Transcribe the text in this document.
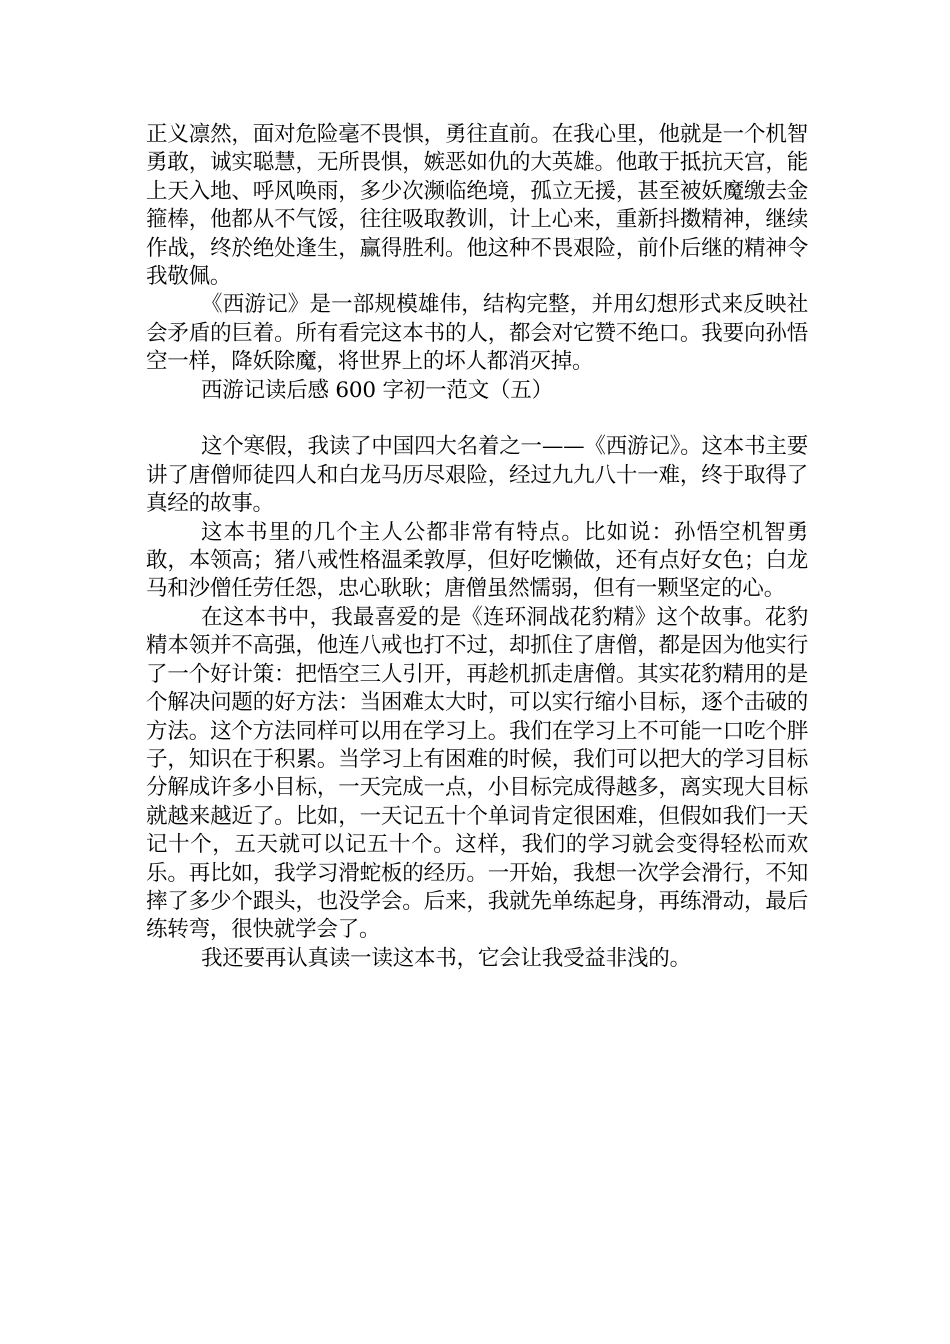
正义凛然，面对危险毫不畏惧，勇往直前。在我心里，他就是一个机智勇敢，诚实聪慧，无所畏惧，嫉恶如仇的大英雄。他敢于抵抗天宫，能上天入地、呼风唤雨，多少次濒临绝境，孤立无援，甚至被妖魔缴去金箍棒，他都从不气馁，往往吸取教训，计上心来，重新抖擞精神，继续作战，终於绝处逢生，赢得胜利。他这种不畏艰险，前仆后继的精神令我敬佩。

《西游记》是一部规模雄伟，结构完整，并用幻想形式来反映社会矛盾的巨着。所有看完这本书的人，都会对它赞不绝口。我要向孙悟空一样，降妖除魔，将世界上的坏人都消灭掉。

西游记读后感 600 字初一范文（五）

这个寒假，我读了中国四大名着之一——《西游记》。这本书主要讲了唐僧师徒四人和白龙马历尽艰险，经过九九八十一难，终于取得了真经的故事。

这本书里的几个主人公都非常有特点。比如说：孙悟空机智勇敢，本领高；猪八戒性格温柔敦厚，但好吃懒做，还有点好女色；白龙马和沙僧任劳任怨，忠心耿耿；唐僧虽然懦弱，但有一颗坚定的心。

在这本书中，我最喜爱的是《连环洞战花豹精》这个故事。花豹精本领并不高强，他连八戒也打不过，却抓住了唐僧，都是因为他实行了一个好计策：把悟空三人引开，再趁机抓走唐僧。其实花豹精用的是个解决问题的好方法：当困难太大时，可以实行缩小目标，逐个击破的方法。这个方法同样可以用在学习上。我们在学习上不可能一口吃个胖子，知识在于积累。当学习上有困难的时候，我们可以把大的学习目标分解成许多小目标，一天完成一点，小目标完成得越多，离实现大目标就越来越近了。比如，一天记五十个单词肯定很困难，但假如我们一天记十个，五天就可以记五十个。这样，我们的学习就会变得轻松而欢乐。再比如，我学习滑蛇板的经历。一开始，我想一次学会滑行，不知摔了多少个跟头，也没学会。后来，我就先单练起身，再练滑动，最后练转弯，很快就学会了。

我还要再认真读一读这本书，它会让我受益非浅的。
